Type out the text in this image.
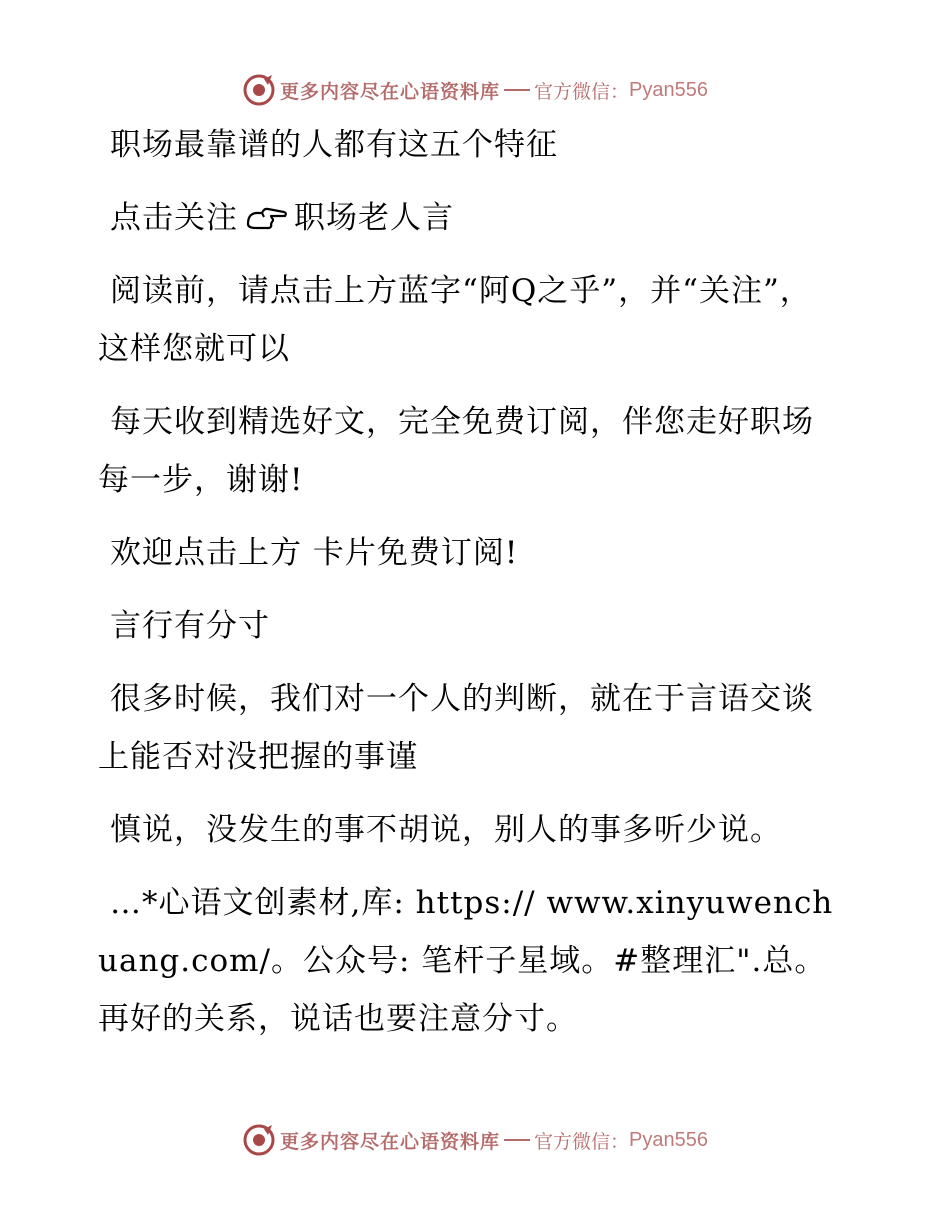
更多内容尽在心语资料库 官方微信： Pyan556

职场最靠谱的人都有这五个特征

点击关注 职场老人言

阅读前，请点击上方蓝字“阿Q之乎”，并“关注”，这样您就可以

每天收到精选好文，完全免费订阅，伴您走好职场每一步，谢谢!

欢迎点击上方 卡片免费订阅!

言行有分寸

很多时候，我们对一个人的判断，就在于言语交谈上能否对没把握的事谨

慎说，没发生的事不胡说，别人的事多听少说。

…*心语文创素材,库: https:// www.xinyuwenchuang.com/。公众号: 笔杆子星域。#整理汇".总。再好的关系，说话也要注意分寸。

更多内容尽在心语资料库 官方微信： Pyan556
